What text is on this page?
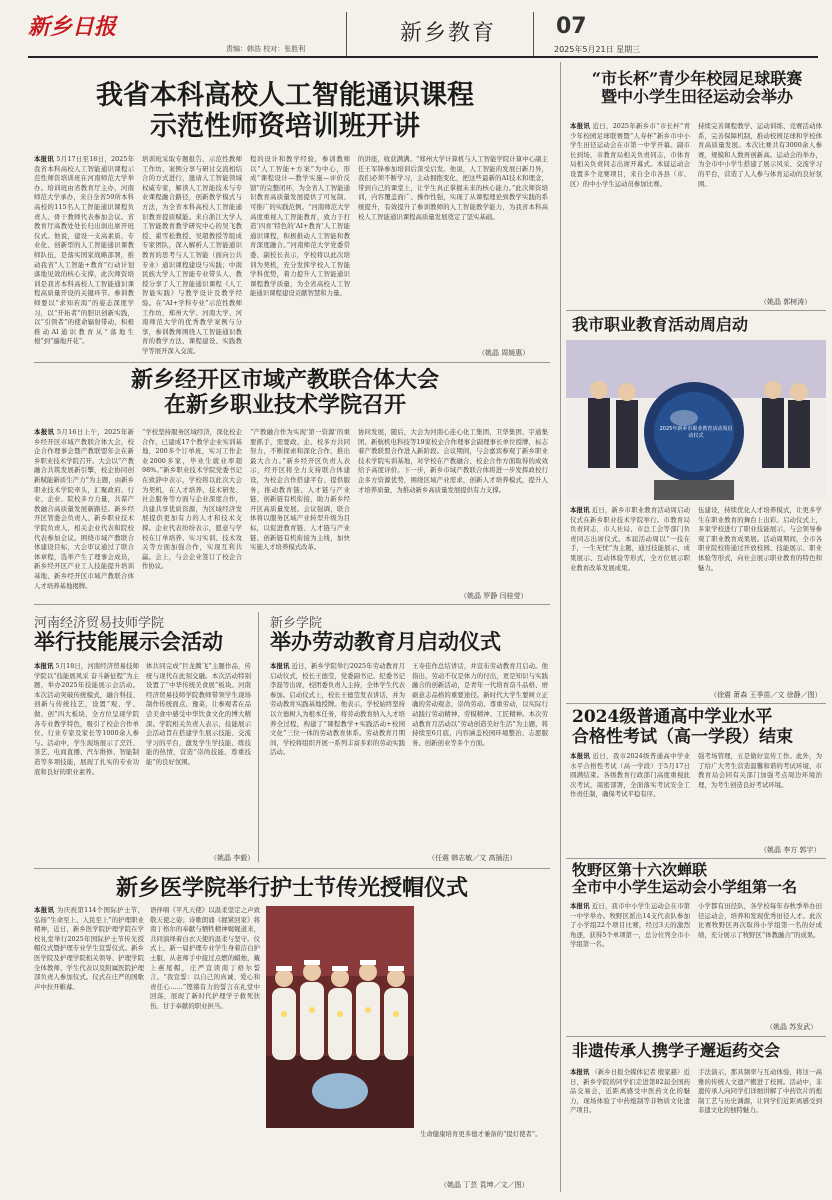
新乡日报
责编：韩浩 校对：张胜利
新乡教育	07
2025年5月21日 星期三
我省本科高校人工智能通识课程
示范性师资培训班开讲
本报讯 5月17日至18日，2025年我省本科高校人工智能通识课程示范性师资培训班在河南师范大学举办。培训班由省教育厅主办，河南师范大学承办，来自全省59所本科高校的115名人工智能通识课程负责人、骨干教师代表参加会议。省教育厅高教处处长归出润出席开班仪式。他说，建设一支高素质、专业化、创新型的人工智能通识课教师队伍，是落实国家战略部署，推动我省“人工智能+教育”行动计划落地见效的核心支撑，此次师资培训是我省本科高校人工智能通识课程高质量开设的关键环节。参训教师要以“求知若渴”的姿态深度学习，以“开拓者”的胆识创新实践，以“引领者”的使命辐射带动，积极推动AI通识教育从“落地生根”到“遍地开花”。
培训班采取专题报告、示范性教师工作坊、案例分享与研讨交流相结合的方式进行，邀请人工智能领域权威专家，解读人工智能技术与专业课程融合路径，创新教学模式与方法，为全省本科高校人工智能通识教育提质赋能。来自浙江大学人工智能教育教学研究中心的吴飞教授、翟雪松教授、吴超教授等组成专家团队，深入解析人工智能通识教育的思考与人工智能（面向公共专业）通识课程建设与实践；中南民族大学人工智能专业带头人、教授分享了人工智能通识课程《人工智能实践》与教学设计及教学经验。在“AI+学科专业”示范性教师工作坊，郑州大学、河南大学、河南师范大学的优秀教学案例与分享，参训教师围绕人工智能通识教育的教学方法、课程建设、实践教学等展开深入交流。
程的设计和教学经验，参训教师以“人工智能+方案”为中心，形成“课程设计—教学实施—评价反馈”的完整闭环，为全省人工智能通识教育高质量发展提供了可复制、可推广的实践范例。“河南师范大学高度重视人工智能教育，致力于打造‘四育’特色的‘AI+教育’人工智能通识课程，积极推动人工智能和教育深度融合。”河南师范大学党委常委、副校长表示，学校将以此次培训为契机，充分发挥学校人工智能学科优势，着力提升人工智能通识课程教学质量，为全省高校人工智能通识课程建设贡献智慧和力量。
的讲座，收获满满。“郑州大学计算机与人工智能学院计算中心副主任王军锋参加培训后深受启发。他说，人工智能的发展日新月异，我们必须不断学习，主动拥抱变化，把这些最新的AI技术和理念，带到自己的课堂上，让学生真正掌握未来的核心能力。”此次师资培训，内容覆盖面广、操作性强，实现了从课程理论到教学实践的系统提升，有效提升了参训教师的人工智能教学能力，为我省本科高校人工智能通识课程高质量发展奠定了坚实基础。
（姚晶 周媛惠）
新乡经开区市域产教联合体大会
在新乡职业技术学院召开
本报讯 5月16日上午，2025年新乡经开区市域产教联合体大会，校企合作理事会暨产教联盟年会在新乡职业技术学院召开。大会以“产教融合共筑发展新引擎，校企协同创新赋能新质生产力”为主题，由新乡职业技术学院牵头，汇聚政府、行业、企业、院校多方力量，共谋产教融合高质量发展新路径。新乡经开区管委会负责人、新乡职业技术学院负责人，相关企业代表和院校代表参加会议。围绕市域产教联合体建设目标，大会审议通过了联合体章程，选举产生了理事会成员，新乡经开区产业工人技能提升培训基地、新乡经开区市域产教联合体人才培养基地揭牌。
“学校坚持服务区域经济，深化校企合作，已建成17个教学企业实训基地，200多个订单班，实习工作企业2000多家，毕业生就业率超98%。”新乡职业技术学院党委书记在致辞中表示，学校将以此次大会为契机，在人才培养、技术研发、社会服务等方面与企业深度合作，共建共享优质资源，为区域经济发展提供更加有力的人才和技术支撑。企业代表纷纷表示，愿意与学校在订单培养、实习实训、技术攻关等方面加强合作，实现互利共赢。会上，与会企业签订了校企合作协议。
“产教融合作为实现‘第一资源’的重要抓手，需要政、企、校多方共同努力，不断探索和深化合作，推出最大合力。”新乡经开区负责人表示，经开区将全力支持联合体建设，为校企合作搭建平台、提供服务，推动教育链、人才链与产业链、创新链有机衔接，助力新乡经开区高质量发展。会议强调，联合体将以服务区域产业转型升级为目标，以促进教育链、人才链与产业链、创新链有机衔接为主线，加快实施人才培养模式改革。
协同发展，随后，大会为河南心连心化工集团、卫华集团、宇通集团、新航机电科技等19家校企合作理事会副理事长单位授牌，标志着产教联盟合作进入新阶段。会议期间，与会嘉宾参观了新乡职业技术学院实训基地，对学校在产教融合、校企合作方面取得的成效给予高度评价。下一步，新乡市域产教联合体将进一步发挥政校行企多方资源优势，围绕区域产业需求，创新人才培养模式，提升人才培养质量，为推动新乡高质量发展提供有力支撑。
（姚晶 罗静 闫桂莹）
河南经济贸易技师学院
举行技能展示会活动
本报讯 5月18日，河南经济贸易技师学院以“技能展风采 奋斗新征程”为主题，举办2025年技能展示会活动。本次活动突破传统模式，融合科技、创新与传统技艺，设置“观、学、做、创”四大板块，全方位呈现学院各专业教学特色，吸引了校企合作单位、行业专家及家长等1000余人参与。活动中，学生现场展示了烹饪、茶艺、电商直播、汽车维修、智能制造等多项技能，展现了扎实的专业功底和良好的职业素养。
体共同完成“巨龙腾飞”主题作品，传统与现代在此刻交融。本次活动特别设置了“中华传统美食展”板块。河南经济贸易技师学院教师带领学生现场制作传统面点、豫菜，让参观者在品尝美食中感受中华饮食文化的博大精深。学院相关负责人表示，技能展示会活动旨在搭建学生展示技能、交流学习的平台，激发学生学技能、练技能的热情，营造“崇尚技能、尊重技能”的良好氛围。
（姚晶 李毅）
新乡学院
举办劳动教育月启动仪式
本报讯 近日，新乡学院举行2025年劳动教育月启动仪式，校长王德莹，党委副书记、纪委书记李磊等出席，校团委负责人主持，全体学生代表参加。启动仪式上，校长王德莹发表讲话，并为劳动教育实践基地授牌。他表示，学校始终坚持以立德树人为根本任务，将劳动教育纳入人才培养全过程，构建了“课程教学+实践活动+校园文化”三位一体的劳动教育体系。劳动教育月期间，学校将组织开展一系列丰富多彩的劳动实践活动。
王寿佳作总结讲话，并宣布劳动教育月启动。他指出，劳动不仅是体力的付出，更是知识与实践融合的创新活动，是青年一代培育奋斗品格、磨砺意志品格的重要途径。新时代大学生要树立正确的劳动观念，崇尚劳动、尊重劳动，以实际行动践行劳动精神、劳模精神、工匠精神。本次劳动教育月活动以“劳动创造美好生活”为主题，将持续至6月底，内容涵盖校园环境整治、志愿服务、创新创业等多个方面。
（任震 韩志敏／文 高插法）
新乡医学院举行护士节传光授帽仪式
本报讯 为庆祝第114个国际护士节，弘扬“生命至上、人民至上”的护理职业精神，近日，新乡医学院护理学院在学校礼堂举行2025年国际护士节传光授帽仪式暨护理专业学生宣誓仪式。新乡医学院及护理学院相关领导、护理学院全体教师、学生代表以及附属医院护理部负责人参加仪式。仪式在庄严的国歌声中拉开帷幕。
语伴唱《平凡天使》以温柔坚定之声致敬天使之姿；诗歌朗诵《握紧回家》将南丁格尔的奉献与牺牲精神娓娓道来，共同演绎着白衣天使的温柔与坚守。仪式上，新一届护理专业学生身着洁白护士服，从老师手中接过点燃的蜡烛，戴上燕尾帽，庄严宣读南丁格尔誓言。“我宣誓：以自己的真诚、爱心和责任心……”铿锵有力的誓言在礼堂中回荡，展现了新时代护理学子救死扶伤、甘于奉献的职业担当。
生命健康培育更多德才兼备的“提灯使者”。
（姚晶 丁芸 袁坤／文／图）
“市长杯”青少年校园足球联赛
暨中小学生田径运动会举办
本报讯 近日，2025年新乡市“市长杯”青少年校园足球联赛暨“人寿杯”新乡市中小学生田径运动会在市第一中学开幕。副市长到场，市教育局相关负责同志，市体育局相关负责同志出席开幕式。本届运动会设置多个竞赛项目，来自全市各县（市、区）的中小学生运动员参加比赛。
持续完善课程教学、运动训练、竞赛活动体系，完善保障机制，推动校园足球和学校体育高质量发展。本次比赛共有3000余人参赛，规模和人数再创新高。运动会的举办，为全市中小学生搭建了展示风采、交流学习的平台，营造了人人参与体育运动的良好氛围。
（姚晶 郭树涛）
我市职业教育活动周启动
2025年新乡市职业教育活动周启动仪式
本报讯 近日，新乡市职业教育活动周启动仪式在新乡职业技术学院举行。市教育局负责同志，市人社局、市总工会等部门负责同志出席仪式。本届活动周以“一技在手，一生无忧”为主题，通过技能展示、成果展示、互动体验等形式，全方位展示职业教育改革发展成果。
伍建设，持续优化人才培养模式，让更多学生在职业教育的舞台上出彩。启动仪式上，多家学校进行了职业技能展示，与会领导参观了职业教育成果展。活动周期间，全市各职业院校将通过开放校园、技能展示、职业体验等形式，向社会展示职业教育的特色和魅力。
（徐震 萧森 王季苗／文 徐静／图）
2024级普通高中学业水平
合格性考试（高一学段）结束
本报讯 近日，我市2024级普通高中学业水平合格性考试（高一学段）于5月17日圆满结束。各级教育行政部门高度重视此次考试，周密部署，全面落实考试安全工作责任制，确保考试平稳有序。
强考场管理，五是做好宣传工作。此外，为了给广大考生营造温馨和谐的考试环境，市教育局会同有关部门加强考点周边环境治理，为考生创造良好考试环境。
（姚晶 李方 郭宇）
牧野区第十六次蝉联
全市中小学生运动会小学组第一名
本报讯 近日，我市中小学生运动会在市第一中学举办。牧野区派出14支代表队参加了小学组22个项目比赛，经过3天的激烈角逐，获得5个单项第一，总分位列全市小学组第一名。
小学都有田径队，各学校每年春秋季举办田径运动会，培养和发现优秀田径人才。此次比赛牧野区再次取得小学组第一名的好成绩，充分展示了牧野区“体教融合”的成果。
（姚晶 苏发武）
非遗传承人携学子邂逅药交会
本报讯 （新乡日报全媒体记者 殷家慈）近日，新乡学院的同学们走进第82届全国药品交易会，近距离感受中医药文化的魅力，现场体验了中药炮制等非物质文化遗产项目。
手法演示，那具频率与互动体验，将这一高雅的传统人文遗产搬进了校园。活动中，非遗传承人向同学们详细讲解了中药饮片的炮制工艺与历史渊源，让同学们近距离感受到非遗文化的独特魅力。
